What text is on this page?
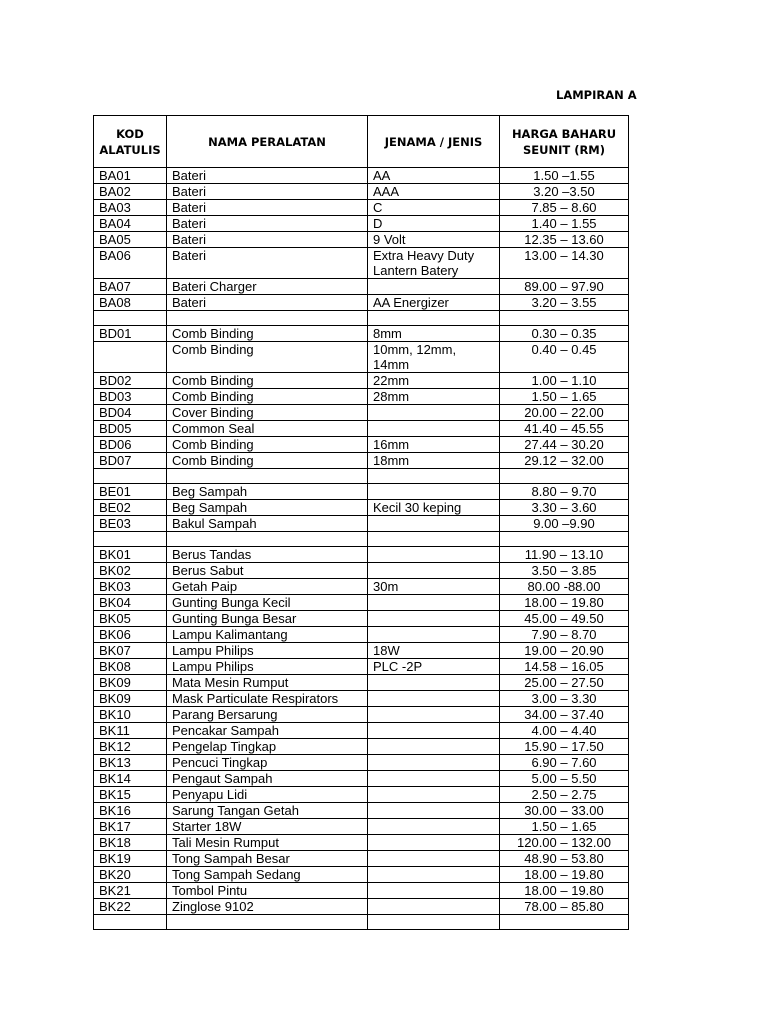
LAMPIRAN A
KOD
ALATULIS	NAMA PERALATAN	JENAMA / JENIS	HARGA BAHARU
SEUNIT (RM)
BA01	Bateri	AA	1.50 –1.55
BA02	Bateri	AAA	3.20 –3.50
BA03	Bateri	C	7.85 – 8.60
BA04	Bateri	D	1.40 – 1.55
BA05	Bateri	9 Volt	12.35 – 13.60
BA06	Bateri	Extra Heavy Duty
Lantern Batery	13.00 – 14.30
BA07	Bateri Charger		89.00 – 97.90
BA08	Bateri	AA Energizer	3.20 – 3.55

BD01	Comb Binding	8mm	0.30 – 0.35
	Comb Binding	10mm, 12mm,
14mm	0.40 – 0.45
BD02	Comb Binding	22mm	1.00 – 1.10
BD03	Comb Binding	28mm	1.50 – 1.65
BD04	Cover Binding		20.00 – 22.00
BD05	Common Seal		41.40 – 45.55
BD06	Comb Binding	16mm	27.44 – 30.20
BD07	Comb Binding	18mm	29.12 – 32.00

BE01	Beg Sampah		8.80 – 9.70
BE02	Beg Sampah	Kecil 30 keping	3.30 – 3.60
BE03	Bakul Sampah		9.00 –9.90

BK01	Berus Tandas		11.90 – 13.10
BK02	Berus Sabut		3.50 – 3.85
BK03	Getah Paip	30m	80.00 -88.00
BK04	Gunting Bunga Kecil		18.00 – 19.80
BK05	Gunting Bunga Besar		45.00 – 49.50
BK06	Lampu Kalimantang		7.90 – 8.70
BK07	Lampu Philips	18W	19.00 – 20.90
BK08	Lampu Philips	PLC -2P	14.58 – 16.05
BK09	Mata Mesin Rumput		25.00 – 27.50
BK09	Mask Particulate Respirators		3.00 – 3.30
BK10	Parang Bersarung		34.00 – 37.40
BK11	Pencakar Sampah		4.00 – 4.40
BK12	Pengelap Tingkap		15.90 – 17.50
BK13	Pencuci Tingkap		6.90 – 7.60
BK14	Pengaut Sampah		5.00 – 5.50
BK15	Penyapu Lidi		2.50 – 2.75
BK16	Sarung Tangan Getah		30.00 – 33.00
BK17	Starter 18W		1.50 – 1.65
BK18	Tali Mesin Rumput		120.00 – 132.00
BK19	Tong Sampah Besar		48.90 – 53.80
BK20	Tong Sampah Sedang		18.00 – 19.80
BK21	Tombol Pintu		18.00 – 19.80
BK22	Zinglose 9102		78.00 – 85.80
